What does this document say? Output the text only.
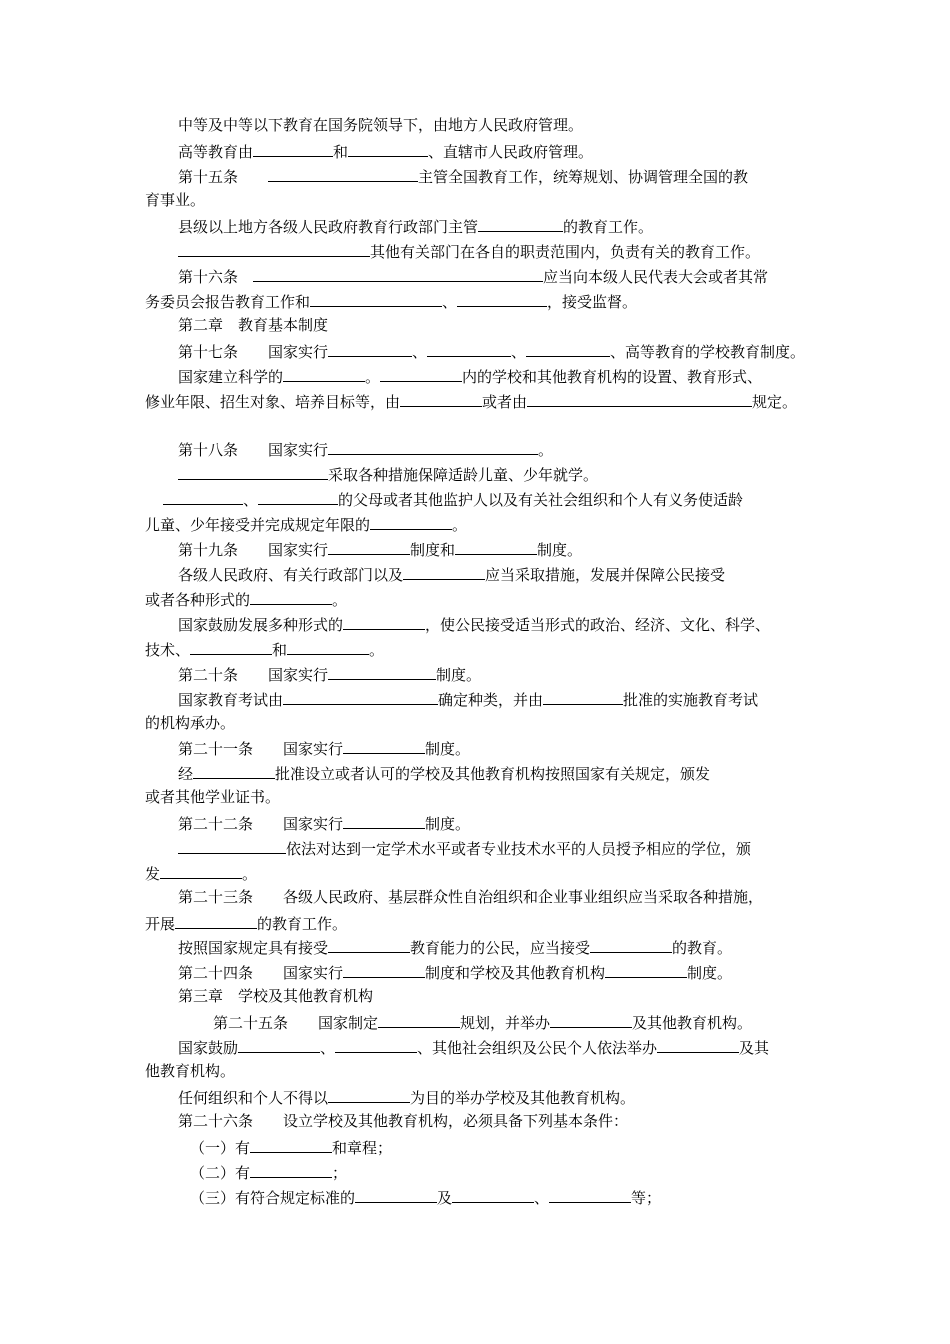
中等及中等以下教育在国务院领导下，由地方人民政府管理。
高等教育由	和	、直辖市人民政府管理。
第十五条　　	主管全国教育工作，统筹规划、协调管理全国的教
育事业。
县级以上地方各级人民政府教育行政部门主管	的教育工作。
其他有关部门在各自的职责范围内，负责有关的教育工作。
第十六条　	应当向本级人民代表大会或者其常
务委员会报告教育工作和	、	，接受监督。
第二章　教育基本制度
第十七条　　国家实行	、	、	、高等教育的学校教育制度。
国家建立科学的	。	内的学校和其他教育机构的设置、教育形式、
修业年限、招生对象、培养目标等，由	或者由	规定。
第十八条　　国家实行	。
采取各种措施保障适龄儿童、少年就学。
、	的父母或者其他监护人以及有关社会组织和个人有义务使适龄
儿童、少年接受并完成规定年限的	。
第十九条　　国家实行	制度和	制度。
各级人民政府、有关行政部门以及	应当采取措施，发展并保障公民接受
或者各种形式的	。
国家鼓励发展多种形式的	，使公民接受适当形式的政治、经济、文化、科学、
技术、	和	。
第二十条　　国家实行	制度。
国家教育考试由	确定种类，并由	批准的实施教育考试
的机构承办。
第二十一条　　国家实行	制度。
经	批准设立或者认可的学校及其他教育机构按照国家有关规定，颁发
或者其他学业证书。
第二十二条　　国家实行	制度。
依法对达到一定学术水平或者专业技术水平的人员授予相应的学位，颁
发	。
第二十三条　　各级人民政府、基层群众性自治组织和企业事业组织应当采取各种措施，
开展	的教育工作。
按照国家规定具有接受	教育能力的公民，应当接受	的教育。
第二十四条　　国家实行	制度和学校及其他教育机构	制度。
第三章　学校及其他教育机构
第二十五条　　国家制定	规划，并举办	及其他教育机构。
国家鼓励	、	、其他社会组织及公民个人依法举办	及其
他教育机构。
任何组织和个人不得以	为目的举办学校及其他教育机构。
第二十六条　　设立学校及其他教育机构，必须具备下列基本条件：
（一）有	和章程；
（二）有	；
（三）有符合规定标准的	及	、	等；
